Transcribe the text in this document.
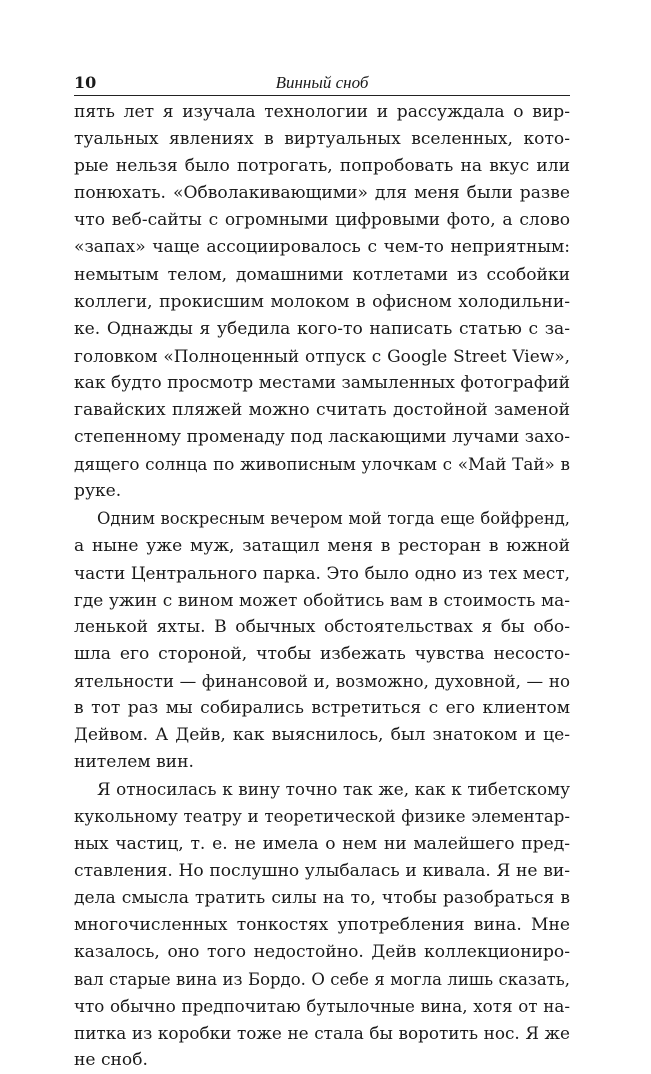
10	Винный сноб
пять лет я изучала технологии и рассуждала о вир-
туальных явлениях в виртуальных вселенных, кото-
рые нельзя было потрогать, попробовать на вкус или
понюхать. «Обволакивающими» для меня были разве
что веб-сайты с огромными цифровыми фото, а слово
«запах» чаще ассоциировалось с чем-то неприятным:
немытым телом, домашними котлетами из ссобойки
коллеги, прокисшим молоком в офисном холодильни-
ке. Однажды я убедила кого-то написать статью с за-
головком «Полноценный отпуск с Google Street View»,
как будто просмотр местами замыленных фотографий
гавайских пляжей можно считать достойной заменой
степенному променаду под ласкающими лучами захо-
дящего солнца по живописным улочкам с «Май Тай» в
руке.
Одним воскресным вечером мой тогда еще бойфренд,
а ныне уже муж, затащил меня в ресторан в южной
части Центрального парка. Это было одно из тех мест,
где ужин с вином может обойтись вам в стоимость ма-
ленькой яхты. В обычных обстоятельствах я бы обо-
шла его стороной, чтобы избежать чувства несосто-
ятельности — финансовой и, возможно, духовной, — но
в тот раз мы собирались встретиться с его клиентом
Дейвом. А Дейв, как выяснилось, был знатоком и це-
нителем вин.
Я относилась к вину точно так же, как к тибетскому
кукольному театру и теоретической физике элементар-
ных частиц, т. е. не имела о нем ни малейшего пред-
ставления. Но послушно улыбалась и кивала. Я не ви-
дела смысла тратить силы на то, чтобы разобраться в
многочисленных тонкостях употребления вина. Мне
казалось, оно того недостойно. Дейв коллекциониро-
вал старые вина из Бордо. О себе я могла лишь сказать,
что обычно предпочитаю бутылочные вина, хотя от на-
питка из коробки тоже не стала бы воротить нос. Я же
не сноб.
